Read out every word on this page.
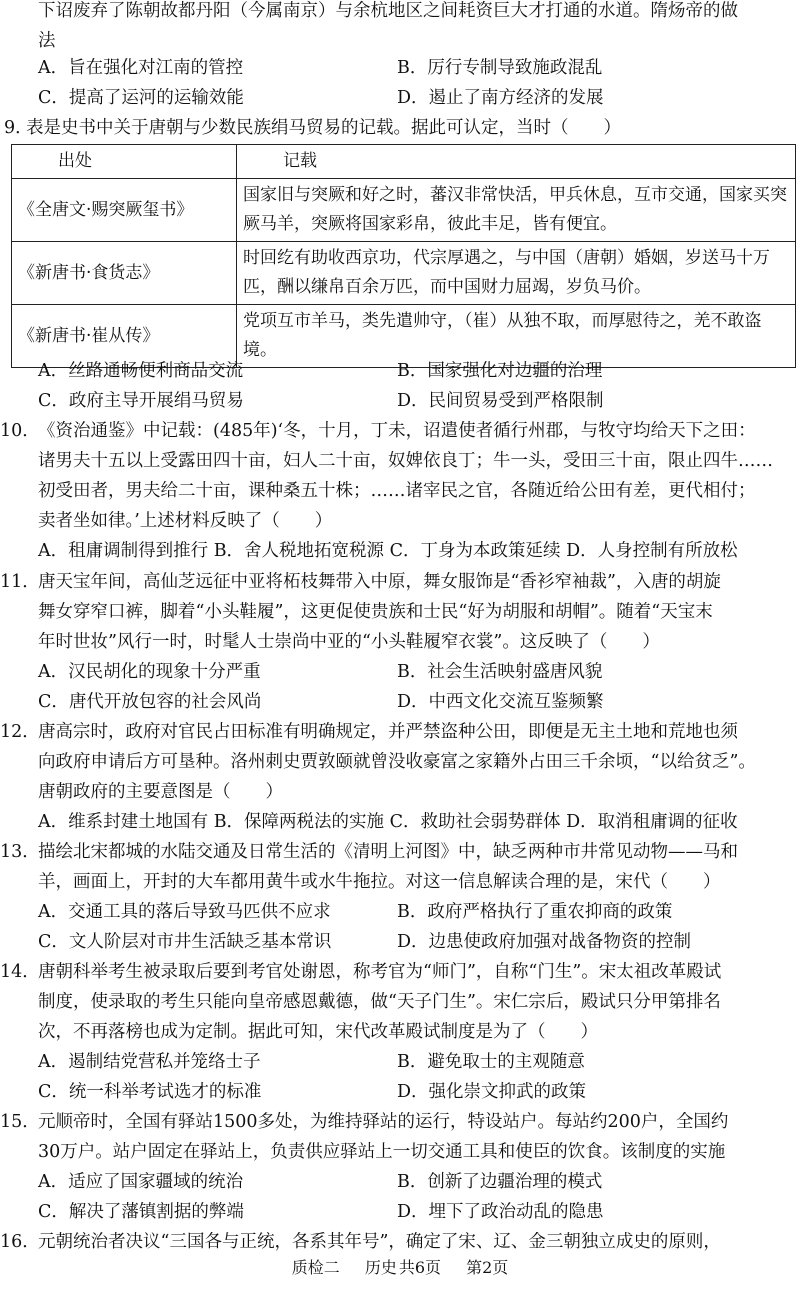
下诏废弃了陈朝故都丹阳（今属南京）与余杭地区之间耗资巨大才打通的水道。隋炀帝的做
法
A．旨在强化对江南的管控	B．厉行专制导致施政混乱
C．提高了运河的运输效能	D．遏止了南方经济的发展
9．
表是史书中关于唐朝与少数民族绢马贸易的记载。据此可认定，当时（　　）
出处	记载
《全唐文·赐突厥玺书》	国家旧与突厥和好之时，蕃汉非常快活，甲兵休息，互市交通，国家买突厥马羊，突厥将国家彩帛，彼此丰足，皆有便宜。
《新唐书·食货志》	时回纥有助收西京功，代宗厚遇之，与中国（唐朝）婚姻，岁送马十万匹，酬以缣帛百余万匹，而中国财力屈竭，岁负马价。
《新唐书·崔从传》	党项互市羊马，类先遣帅守，（崔）从独不取，而厚慰待之，羌不敢盗境。
A．丝路通畅便利商品交流	B．国家强化对边疆的治理
C．政府主导开展绢马贸易	D．民间贸易受到严格限制
10．
《资治通鉴》中记载：(485年)‘冬，十月，丁未，诏遣使者循行州郡，与牧守均给天下之田：
诸男夫十五以上受露田四十亩，妇人二十亩，奴婢依良丁；牛一头，受田三十亩，限止四牛……
初受田者，男夫给二十亩，课种桑五十株；……诸宰民之官，各随近给公田有差，更代相付；
卖者坐如律。’上述材料反映了（　　）
A．租庸调制得到推行 B．舍人税地拓宽税源 C．丁身为本政策延续 D．人身控制有所放松
11．
唐天宝年间，高仙芝远征中亚将柘枝舞带入中原，舞女服饰是“香衫窄袖裁”，入唐的胡旋
舞女穿窄口裤，脚着“小头鞋履”，这更促使贵族和士民“好为胡服和胡帽”。随着“天宝末
年时世妆”风行一时，时髦人士崇尚中亚的“小头鞋履窄衣裳”。这反映了（　　）
A．汉民胡化的现象十分严重	B．社会生活映射盛唐风貌
C．唐代开放包容的社会风尚	D．中西文化交流互鉴频繁
12．
唐高宗时，政府对官民占田标准有明确规定，并严禁盗种公田，即便是无主土地和荒地也须
向政府申请后方可垦种。洛州刺史贾敦颐就曾没收豪富之家籍外占田三千余顷，“以给贫乏”。
唐朝政府的主要意图是（　　）
A．维系封建土地国有 B．保障两税法的实施 C．救助社会弱势群体 D．取消租庸调的征收
13．
描绘北宋都城的水陆交通及日常生活的《清明上河图》中，缺乏两种市井常见动物——马和
羊，画面上，开封的大车都用黄牛或水牛拖拉。对这一信息解读合理的是，宋代（　　）
A．交通工具的落后导致马匹供不应求	B．政府严格执行了重农抑商的政策
C．文人阶层对市井生活缺乏基本常识	D．边患使政府加强对战备物资的控制
14．
唐朝科举考生被录取后要到考官处谢恩，称考官为“师门”，自称“门生”。宋太祖改革殿试
制度，使录取的考生只能向皇帝感恩戴德，做“天子门生”。宋仁宗后，殿试只分甲第排名
次，不再落榜也成为定制。据此可知，宋代改革殿试制度是为了（　　）
A．遏制结党营私并笼络士子	B．避免取士的主观随意
C．统一科举考试选才的标准	D．强化崇文抑武的政策
15．
元顺帝时，全国有驿站1500多处，为维持驿站的运行，特设站户。每站约200户，全国约
30万户。站户固定在驿站上，负责供应驿站上一切交通工具和使臣的饮食。该制度的实施
A．适应了国家疆域的统治	B．创新了边疆治理的模式
C．解决了藩镇割据的弊端	D．埋下了政治动乱的隐患
16．
元朝统治者决议“三国各与正统，各系其年号”，确定了宋、辽、金三朝独立成史的原则，
质检二 历史 共6页 第2页
